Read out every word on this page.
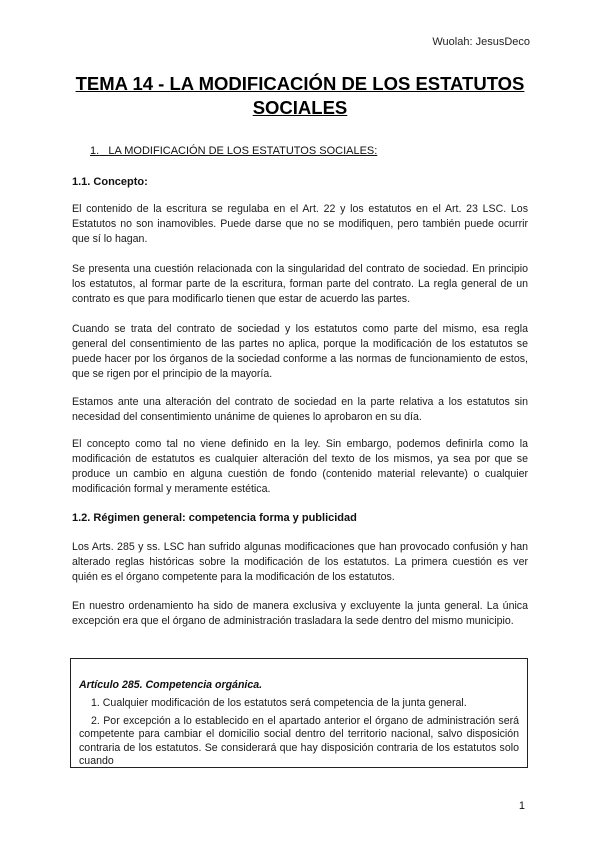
Wuolah: JesusDeco
TEMA 14 - LA MODIFICACIÓN DE LOS ESTATUTOS SOCIALES
1. LA MODIFICACIÓN DE LOS ESTATUTOS SOCIALES:
1.1. Concepto:

El contenido de la escritura se regulaba en el Art. 22 y los estatutos en el Art. 23 LSC. Los Estatutos no son inamovibles. Puede darse que no se modifiquen, pero también puede ocurrir que sí lo hagan.

Se presenta una cuestión relacionada con la singularidad del contrato de sociedad. En principio los estatutos, al formar parte de la escritura, forman parte del contrato. La regla general de un contrato es que para modificarlo tienen que estar de acuerdo las partes.

Cuando se trata del contrato de sociedad y los estatutos como parte del mismo, esa regla general del consentimiento de las partes no aplica, porque la modificación de los estatutos se puede hacer por los órganos de la sociedad conforme a las normas de funcionamiento de estos, que se rigen por el principio de la mayoría.

Estamos ante una alteración del contrato de sociedad en la parte relativa a los estatutos sin necesidad del consentimiento unánime de quienes lo aprobaron en su día.

El concepto como tal no viene definido en la ley. Sin embargo, podemos definirla como la modificación de estatutos es cualquier alteración del texto de los mismos, ya sea por que se produce un cambio en alguna cuestión de fondo (contenido material relevante) o cualquier modificación formal y meramente estética.

1.2. Régimen general: competencia forma y publicidad

Los Arts. 285 y ss. LSC han sufrido algunas modificaciones que han provocado confusión y han alterado reglas históricas sobre la modificación de los estatutos. La primera cuestión es ver quién es el órgano competente para la modificación de los estatutos.

En nuestro ordenamiento ha sido de manera exclusiva y excluyente la junta general. La única excepción era que el órgano de administración trasladara la sede dentro del mismo municipio.

Artículo 285. Competencia orgánica.
1. Cualquier modificación de los estatutos será competencia de la junta general.
2. Por excepción a lo establecido en el apartado anterior el órgano de administración será competente para cambiar el domicilio social dentro del territorio nacional, salvo disposición contraria de los estatutos. Se considerará que hay disposición contraria de los estatutos solo cuando
1
